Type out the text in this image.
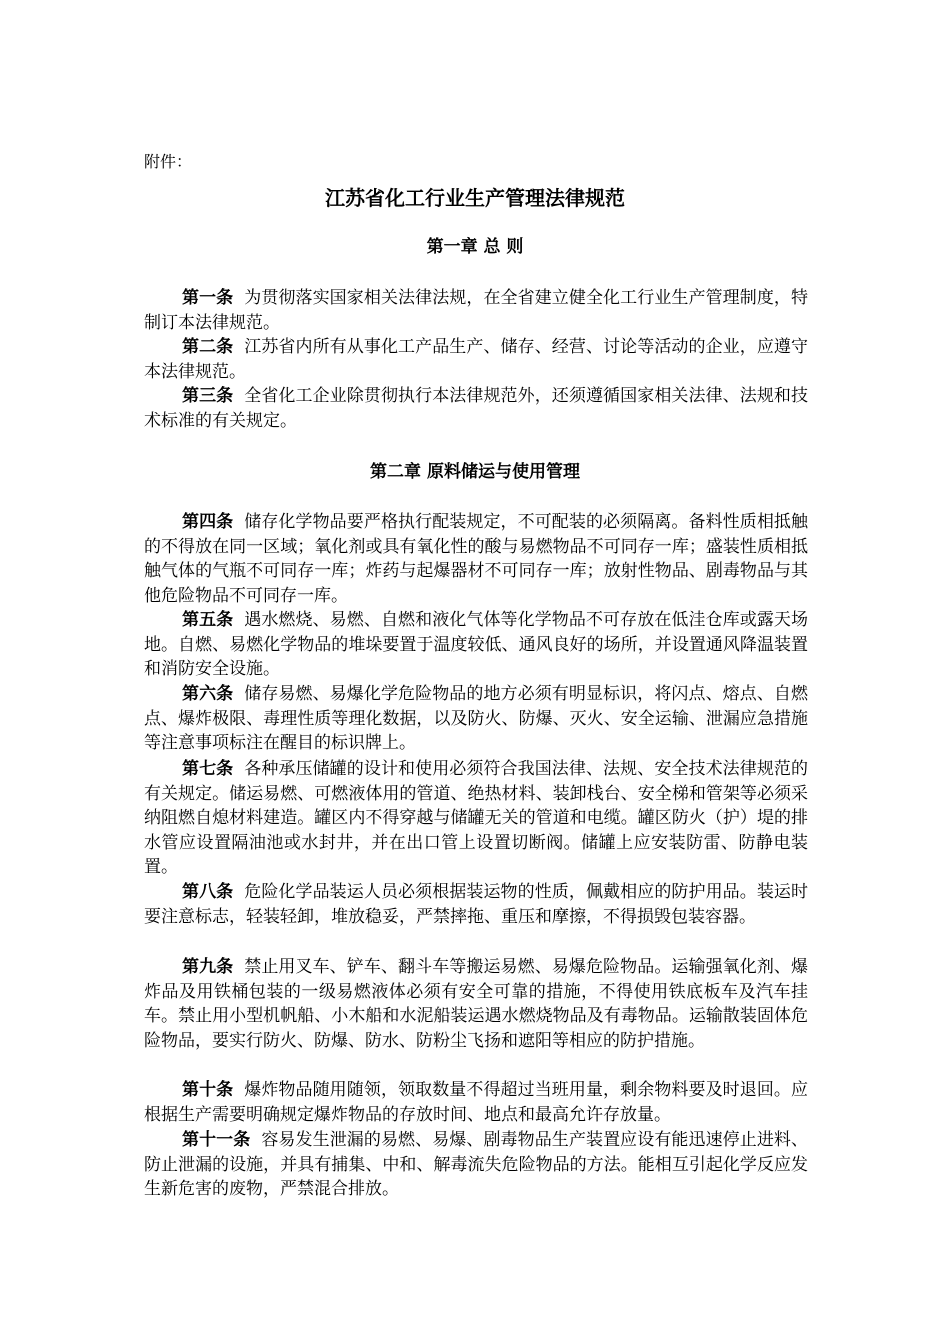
附件：
江苏省化工行业生产管理法律规范
第一章 总 则

第一条 为贯彻落实国家相关法律法规，在全省建立健全化工行业生产管理制度，特制订本法律规范。

第二条 江苏省内所有从事化工产品生产、储存、经营、讨论等活动的企业，应遵守本法律规范。

第三条 全省化工企业除贯彻执行本法律规范外，还须遵循国家相关法律、法规和技术标准的有关规定。

第二章 原料储运与使用管理

第四条 储存化学物品要严格执行配装规定，不可配装的必须隔离。备料性质相抵触的不得放在同一区域；氧化剂或具有氧化性的酸与易燃物品不可同存一库；盛装性质相抵触气体的气瓶不可同存一库；炸药与起爆器材不可同存一库；放射性物品、剧毒物品与其他危险物品不可同存一库。

第五条 遇水燃烧、易燃、自燃和液化气体等化学物品不可存放在低洼仓库或露天场地。自燃、易燃化学物品的堆垛要置于温度较低、通风良好的场所，并设置通风降温装置和消防安全设施。

第六条 储存易燃、易爆化学危险物品的地方必须有明显标识，将闪点、熔点、自燃点、爆炸极限、毒理性质等理化数据，以及防火、防爆、灭火、安全运输、泄漏应急措施等注意事项标注在醒目的标识牌上。

第七条 各种承压储罐的设计和使用必须符合我国法律、法规、安全技术法律规范的有关规定。储运易燃、可燃液体用的管道、绝热材料、装卸栈台、安全梯和管架等必须采纳阻燃自熄材料建造。罐区内不得穿越与储罐无关的管道和电缆。罐区防火（护）堤的排水管应设置隔油池或水封井，并在出口管上设置切断阀。储罐上应安装防雷、防静电装置。

第八条 危险化学品装运人员必须根据装运物的性质，佩戴相应的防护用品。装运时要注意标志，轻装轻卸，堆放稳妥，严禁摔拖、重压和摩擦，不得损毁包装容器。

第九条 禁止用叉车、铲车、翻斗车等搬运易燃、易爆危险物品。运输强氧化剂、爆炸品及用铁桶包装的一级易燃液体必须有安全可靠的措施，不得使用铁底板车及汽车挂车。禁止用小型机帆船、小木船和水泥船装运遇水燃烧物品及有毒物品。运输散装固体危险物品，要实行防火、防爆、防水、防粉尘飞扬和遮阳等相应的防护措施。

第十条 爆炸物品随用随领，领取数量不得超过当班用量，剩余物料要及时退回。应根据生产需要明确规定爆炸物品的存放时间、地点和最高允许存放量。

第十一条 容易发生泄漏的易燃、易爆、剧毒物品生产装置应设有能迅速停止进料、防止泄漏的设施，并具有捕集、中和、解毒流失危险物品的方法。能相互引起化学反应发生新危害的废物，严禁混合排放。
